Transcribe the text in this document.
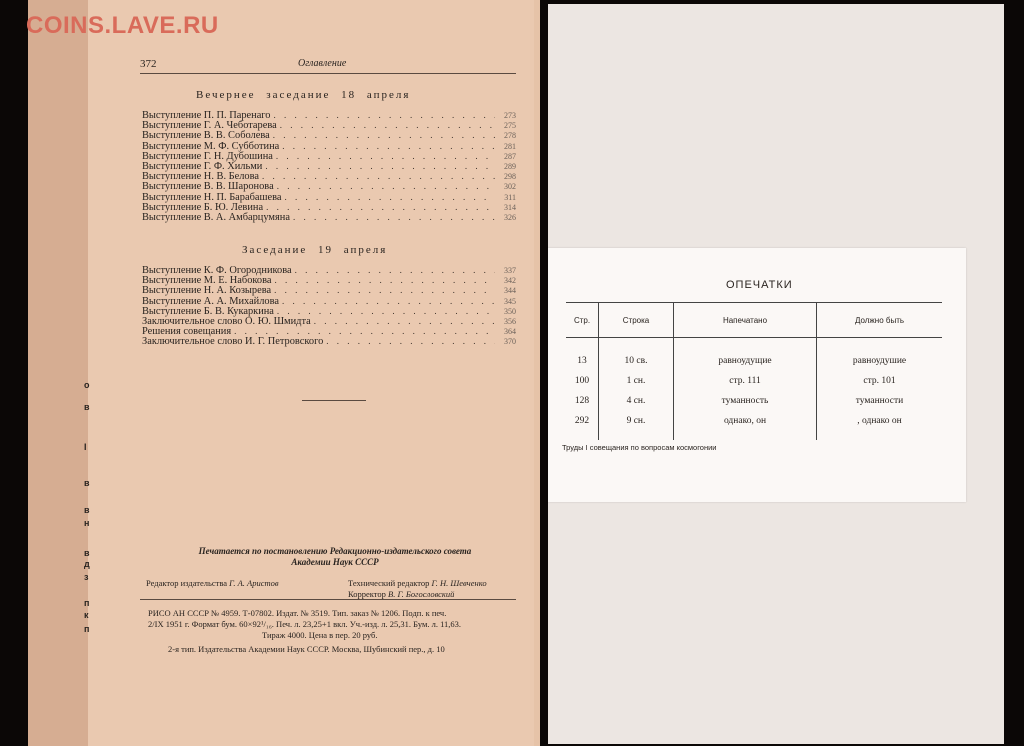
COINS.LAVE.RU

372	Оглавление
Вечернее заседание 18 апреля
Выступление П. П. Паренаго . . .	273
Выступление Г. А. Чеботарева . . .	275
Выступление В. В. Соболева . . .	278
Выступление М. Ф. Субботина . . .	281
Выступление Г. Н. Дубошина . . .	287
Выступление Г. Ф. Хильми . . .	289
Выступление Н. В. Белова . . .	298
Выступление В. В. Шаронова . . .	302
Выступление Н. П. Барабашева . . .	311
Выступление Б. Ю. Левина . . .	314
Выступление В. А. Амбарцумяна . . .	326
Заседание 19 апреля
Выступление К. Ф. Огородникова . . .	337
Выступление М. Е. Набокова . . .	342
Выступление Н. А. Козырева . . .	344
Выступление А. А. Михайлова . . .	345
Выступление Б. В. Кукаркина . . .	350
Заключительное слово О. Ю. Шмидта . . .	356
Решения совещания . . .	364
Заключительное слово И. Г. Петровского . . .	370
о
в
I
в
в
н
в
д
з
п
к
п
Печатается по постановлению Редакционно-издательского совета
Академии Наук СССР
Редактор издательства Г. А. Аристов	Технический редактор Г. Н. Шевченко
Корректор В. Г. Богословский
РИСО АН СССР № 4959. Т-07802. Издат. № 3519. Тип. заказ № 1206. Подп. к печ.
2/IX 1951 г. Формат бум. 60×92¹/₁₆. Печ. л. 23,25+1 вкл. Уч.-изд. л. 25,31. Бум. л. 11,63.
Тираж 4000. Цена в пер. 20 руб.
2-я тип. Издательства Академии Наук СССР. Москва, Шубинский пер., д. 10
ОПЕЧАТКИ
Стр.	Строка	Напечатано	Должно быть
13	10 св.	равноудущие	равноудушие
100	1 сн.	стр. 111	стр. 101
128	4 сн.	туманность	туманности
292	9 сн.	однако, он	, однако он
Труды I совещания по вопросам космогонии
